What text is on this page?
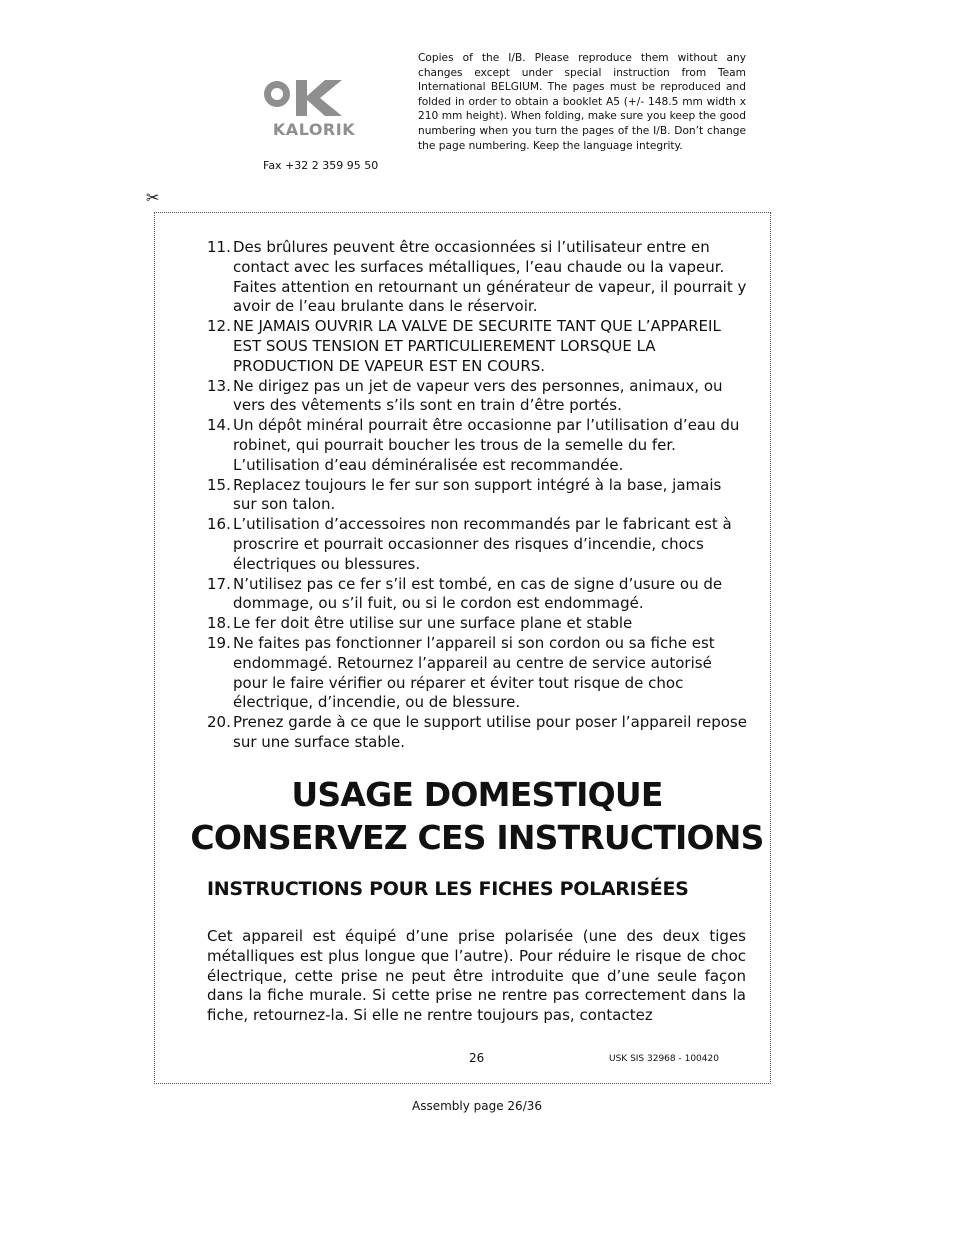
KALORIK
Fax +32 2 359 95 50
Copies of the I/B. Please reproduce them without any changes except under special instruction from Team International BELGIUM. The pages must be reproduced and folded in order to obtain a booklet A5 (+/- 148.5 mm width x 210 mm height). When folding, make sure you keep the good numbering when you turn the pages of the I/B. Don’t change the page numbering. Keep the language integrity.
✂
11. Des brûlures peuvent être occasionnées si l’utilisateur entre en contact avec les surfaces métalliques, l’eau chaude ou la vapeur. Faites attention en retournant un générateur de vapeur, il pourrait y avoir de l’eau brulante dans le réservoir.
12. NE JAMAIS OUVRIR LA VALVE DE SECURITE TANT QUE L’APPAREIL EST SOUS TENSION ET PARTICULIEREMENT LORSQUE LA PRODUCTION DE VAPEUR EST EN COURS.
13. Ne dirigez pas un jet de vapeur vers des personnes, animaux, ou vers des vêtements s’ils sont en train d’être portés.
14. Un dépôt minéral pourrait être occasionne par l’utilisation d’eau du robinet, qui pourrait boucher les trous de la semelle du fer. L’utilisation d’eau déminéralisée est recommandée.
15. Replacez toujours le fer sur son support intégré à la base, jamais sur son talon.
16. L’utilisation d’accessoires non recommandés par le fabricant est à proscrire et pourrait occasionner des risques d’incendie, chocs électriques ou blessures.
17. N’utilisez pas ce fer s’il est tombé, en cas de signe d’usure ou de dommage, ou s’il fuit, ou si le cordon est endommagé.
18. Le fer doit être utilise sur une surface plane et stable
19. Ne faites pas fonctionner l’appareil si son cordon ou sa fiche est endommagé. Retournez l’appareil au centre de service autorisé pour le faire vérifier ou réparer et éviter tout risque de choc électrique, d’incendie, ou de blessure.
20. Prenez garde à ce que le support utilise pour poser l’appareil repose sur une surface stable.
USAGE DOMESTIQUE
CONSERVEZ CES INSTRUCTIONS
INSTRUCTIONS POUR LES FICHES POLARISÉES
Cet appareil est équipé d’une prise polarisée (une des deux tiges métalliques est plus longue que l’autre). Pour réduire le risque de choc électrique, cette prise ne peut être introduite que d’une seule façon dans la fiche murale. Si cette prise ne rentre pas correctement dans la fiche, retournez-la. Si elle ne rentre toujours pas, contactez
26	USK SIS 32968 - 100420
Assembly page 26/36
